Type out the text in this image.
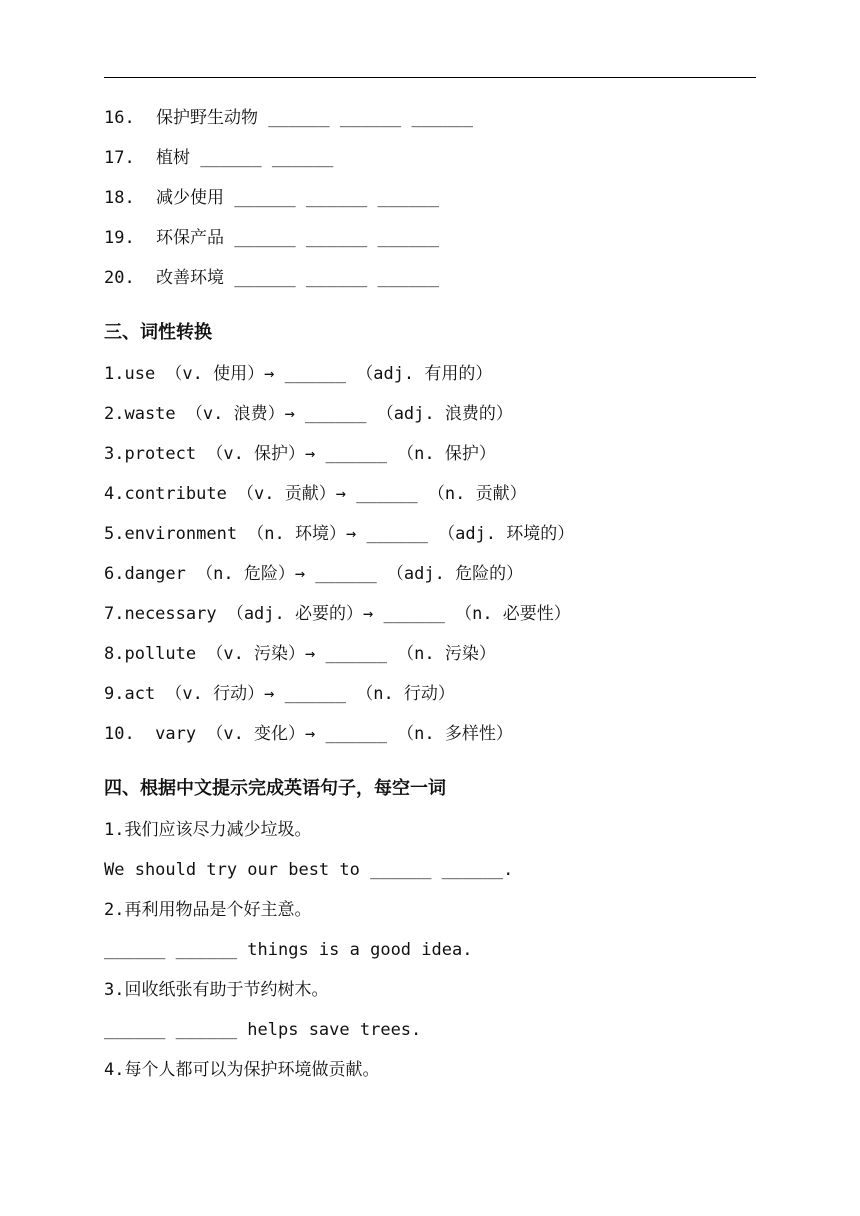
16. 保护野生动物 ______ ______ ______
17. 植树 ______ ______
18. 减少使用 ______ ______ ______
19. 环保产品 ______ ______ ______
20. 改善环境 ______ ______ ______
三、词性转换
1.use （v. 使用）→ ______ （adj. 有用的）
2.waste （v. 浪费）→ ______ （adj. 浪费的）
3.protect （v. 保护）→ ______ （n. 保护）
4.contribute （v. 贡献）→ ______ （n. 贡献）
5.environment （n. 环境）→ ______ （adj. 环境的）
6.danger （n. 危险）→ ______ （adj. 危险的）
7.necessary （adj. 必要的）→ ______ （n. 必要性）
8.pollute （v. 污染）→ ______ （n. 污染）
9.act （v. 行动）→ ______ （n. 行动）
10.  vary （v. 变化）→ ______ （n. 多样性）
四、根据中文提示完成英语句子，每空一词
1.我们应该尽力减少垃圾。
We should try our best to ______ ______.
2.再利用物品是个好主意。
______ ______ things is a good idea.
3.回收纸张有助于节约树木。
______ ______ helps save trees.
4.每个人都可以为保护环境做贡献。
